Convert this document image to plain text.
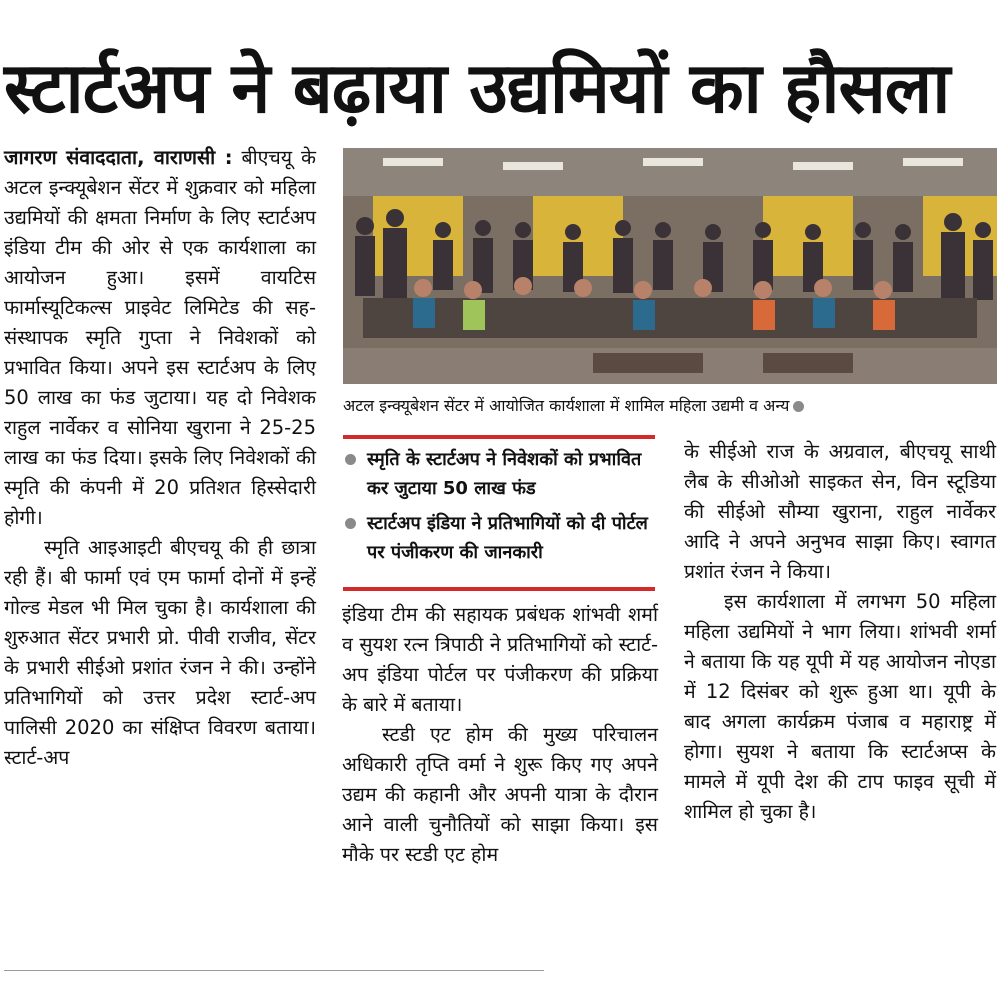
स्टार्टअप ने बढ़ाया उद्यमियों का हौसला

जागरण संवाददाता, वाराणसी : बीएचयू के अटल इन्क्यूबेशन सेंटर में शुक्रवार को महिला उद्यमियों की क्षमता निर्माण के लिए स्टार्टअप इंडिया टीम की ओर से एक कार्यशाला का आयोजन हुआ। इसमें वायटिस फार्मास्यूटिकल्स प्राइवेट लिमिटेड की सह-संस्थापक स्मृति गुप्ता ने निवेशकों को प्रभावित किया। अपने इस स्टार्टअप के लिए 50 लाख का फंड जुटाया। यह दो निवेशक राहुल नार्वेकर व सोनिया खुराना ने 25-25 लाख का फंड दिया। इसके लिए निवेशकों की स्मृति की कंपनी में 20 प्रतिशत हिस्सेदारी होगी।

स्मृति आइआइटी बीएचयू की ही छात्रा रही हैं। बी फार्मा एवं एम फार्मा दोनों में इन्हें गोल्ड मेडल भी मिल चुका है। कार्यशाला की शुरुआत सेंटर प्रभारी प्रो. पीवी राजीव, सेंटर के प्रभारी सीईओ प्रशांत रंजन ने की। उन्होंने प्रतिभागियों को उत्तर प्रदेश स्टार्ट-अप पालिसी 2020 का संक्षिप्त विवरण बताया। स्टार्ट-अप

अटल इन्क्यूबेशन सेंटर में आयोजित कार्यशाला में शामिल महिला उद्यमी व अन्य
स्मृति के स्टार्टअप ने निवेशकों को प्रभावित कर जुटाया 50 लाख फंड
स्टार्टअप इंडिया ने प्रतिभागियों को दी पोर्टल पर पंजीकरण की जानकारी

इंडिया टीम की सहायक प्रबंधक शांभवी शर्मा व सुयश रत्न त्रिपाठी ने प्रतिभागियों को स्टार्ट-अप इंडिया पोर्टल पर पंजीकरण की प्रक्रिया के बारे में बताया।

स्टडी एट होम की मुख्य परिचालन अधिकारी तृप्ति वर्मा ने शुरू किए गए अपने उद्यम की कहानी और अपनी यात्रा के दौरान आने वाली चुनौतियों को साझा किया। इस मौके पर स्टडी एट होम

के सीईओ राज के अग्रवाल, बीएचयू साथी लैब के सीओओ साइकत सेन, विन स्टूडिया की सीईओ सौम्या खुराना, राहुल नार्वेकर आदि ने अपने अनुभव साझा किए। स्वागत प्रशांत रंजन ने किया।

इस कार्यशाला में लगभग 50 महिला महिला उद्यमियों ने भाग लिया। शांभवी शर्मा ने बताया कि यह यूपी में यह आयोजन नोएडा में 12 दिसंबर को शुरू हुआ था। यूपी के बाद अगला कार्यक्रम पंजाब व महाराष्ट्र में होगा। सुयश ने बताया कि स्टार्टअप्स के मामले में यूपी देश की टाप फाइव सूची में शामिल हो चुका है।
